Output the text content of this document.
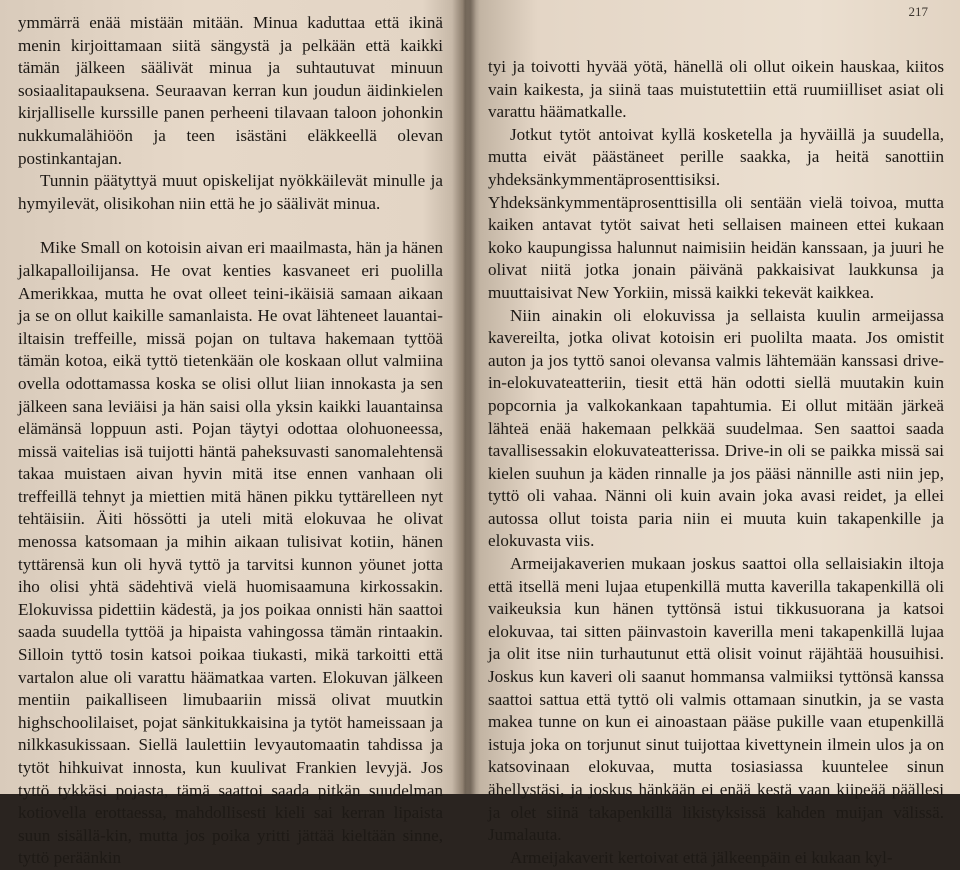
ymmärrä enää mistään mitään. Minua kaduttaa että ikinä menin kirjoittamaan siitä sängystä ja pelkään että kaikki tämän jälkeen säälivät minua ja suhtautuvat minuun sosiaalitapauksena. Seuraavan kerran kun joudun äidinkielen kirjalliselle kurssille panen perheeni tilavaan taloon johonkin nukkumalähiöön ja teen isästäni eläkkeellä olevan postinkantajan.

Tunnin päätyttyä muut opiskelijat nyökkäilevät minulle ja hymyilevät, olisikohan niin että he jo säälivät minua.

Mike Small on kotoisin aivan eri maailmasta, hän ja hänen jalkapalloilijansa. He ovat kenties kasvaneet eri puolilla Amerikkaa, mutta he ovat olleet teini-ikäisiä samaan aikaan ja se on ollut kaikille samanlaista. He ovat lähteneet lauantai-iltaisin treffeille, missä pojan on tultava hakemaan tyttöä tämän kotoa, eikä tyttö tietenkään ole koskaan ollut valmiina ovella odottamassa koska se olisi ollut liian innokasta ja sen jälkeen sana leviäisi ja hän saisi olla yksin kaikki lauantainsa elämänsä loppuun asti. Pojan täytyi odottaa olohuoneessa, missä vaitelias isä tuijotti häntä paheksuvasti sanomalehtensä takaa muistaen aivan hyvin mitä itse ennen vanhaan oli treffeillä tehnyt ja miettien mitä hänen pikku tyttärelleen nyt tehtäisiin. Äiti hössötti ja uteli mitä elokuvaa he olivat menossa katsomaan ja mihin aikaan tulisivat kotiin, hänen tyttärensä kun oli hyvä tyttö ja tarvitsi kunnon yöunet jotta iho olisi yhtä sädehtivä vielä huomisaamuna kirkossakin. Elokuvissa pidettiin kädestä, ja jos poikaa onnisti hän saattoi saada suudella tyttöä ja hipaista vahingossa tämän rintaakin. Silloin tyttö tosin katsoi poikaa tiukasti, mikä tarkoitti että vartalon alue oli varattu häämatkaa varten. Elokuvan jälkeen mentiin paikalliseen limubaariin missä olivat muutkin highschoolilaiset, pojat sänkitukkaisina ja tytöt hameissaan ja nilkkasukissaan. Siellä laulettiin levyautomaatin tahdissa ja tytöt hihkuivat innosta, kun kuulivat Frankien levyjä. Jos tyttö tykkäsi pojasta, tämä saattoi saada pitkän suudelman kotiovella erottaessa, mahdollisesti kieli sai kerran lipaista suun sisällä-kin, mutta jos poika yritti jättää kieltään sinne, tyttö peräänkin

217

tyi ja toivotti hyvää yötä, hänellä oli ollut oikein hauskaa, kiitos vain kaikesta, ja siinä taas muistutettiin että ruumiilliset asiat oli varattu häämatkalle.

Jotkut tytöt antoivat kyllä kosketella ja hyväillä ja suudella, mutta eivät päästäneet perille saakka, ja heitä sanottiin yhdeksänkymmentäprosenttisiksi. Yhdeksänkymmentäprosenttisilla oli sentään vielä toivoa, mutta kaiken antavat tytöt saivat heti sellaisen maineen ettei kukaan koko kaupungissa halunnut naimisiin heidän kanssaan, ja juuri he olivat niitä jotka jonain päivänä pakkaisivat laukkunsa ja muuttaisivat New Yorkiin, missä kaikki tekevät kaikkea.

Niin ainakin oli elokuvissa ja sellaista kuulin armeijassa kavereilta, jotka olivat kotoisin eri puolilta maata. Jos omistit auton ja jos tyttö sanoi olevansa valmis lähtemään kanssasi drive-in-elokuvateatteriin, tiesit että hän odotti siellä muutakin kuin popcornia ja valkokankaan tapahtumia. Ei ollut mitään järkeä lähteä enää hakemaan pelkkää suudelmaa. Sen saattoi saada tavallisessakin elokuvateatterissa. Drive-in oli se paikka missä sai kielen suuhun ja käden rinnalle ja jos pääsi nännille asti niin jep, tyttö oli vahaa. Nänni oli kuin avain joka avasi reidet, ja ellei autossa ollut toista paria niin ei muuta kuin takapenkille ja elokuvasta viis.

Armeijakaverien mukaan joskus saattoi olla sellaisiakin iltoja että itsellä meni lujaa etupenkillä mutta kaverilla takapenkillä oli vaikeuksia kun hänen tyttönsä istui tikkusuorana ja katsoi elokuvaa, tai sitten päinvastoin kaverilla meni takapenkillä lujaa ja olit itse niin turhautunut että olisit voinut räjähtää housuihisi. Joskus kun kaveri oli saanut hommansa valmiiksi tyttönsä kanssa saattoi sattua että tyttö oli valmis ottamaan sinutkin, ja se vasta makea tunne on kun ei ainoastaan pääse pukille vaan etupenkillä istuja joka on torjunut sinut tuijottaa kivettynein ilmein ulos ja on katsovinaan elokuvaa, mutta tosiasiassa kuuntelee sinun ähellystäsi, ja joskus hänkään ei enää kestä vaan kiipeää päällesi ja olet siinä takapenkillä likistyksissä kahden muijan välissä. Jumalauta.

Armeijakaverit kertoivat että jälkeenpäin ei kukaan kyl-
